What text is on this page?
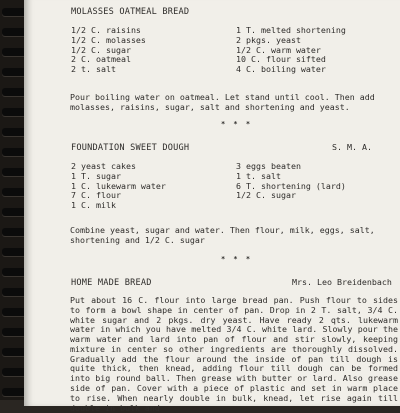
MOLASSES OATMEAL BREAD
1/2 C. raisins
1/2 C. molasses
1/2 C. sugar
2 C. oatmeal
2 t. salt
1 T. melted shortening
2 pkgs. yeast
1/2 C. warm water
10 C. flour sifted
4 C. boiling water
Pour boiling water on oatmeal. Let stand until cool. Then add molasses, raisins, sugar, salt and shortening and yeast.
* * *
FOUNDATION SWEET DOUGH	S. M. A.
2 yeast cakes
1 T. sugar
1 C. lukewarm water
7 C. flour
1 C. milk
3 eggs beaten
1 t. salt
6 T. shortening (lard)
1/2 C. sugar
Combine yeast, sugar and water. Then flour, milk, eggs, salt, shortening and 1/2 C. sugar
* * *
HOME MADE BREAD	Mrs. Leo Breidenbach
Put about 16 C. flour into large bread pan. Push flour to sides to form a bowl shape in center of pan. Drop in 2 T. salt, 3/4 C. white sugar and 2 pkgs. dry yeast. Have ready 2 qts. lukewarm water in which you have melted 3/4 C. white lard. Slowly pour the warm water and lard into pan of flour and stir slowly, keeping mixture in center so other ingredients are thoroughly dissolved. Gradually add the flour around the inside of pan till dough is quite thick, then knead, adding flour till dough can be formed into big round ball. Then grease with butter or lard. Also grease side of pan. Cover with a piece of plastic and set in warm place to rise. When nearly double in bulk, knead, let rise again till double in bulk and
